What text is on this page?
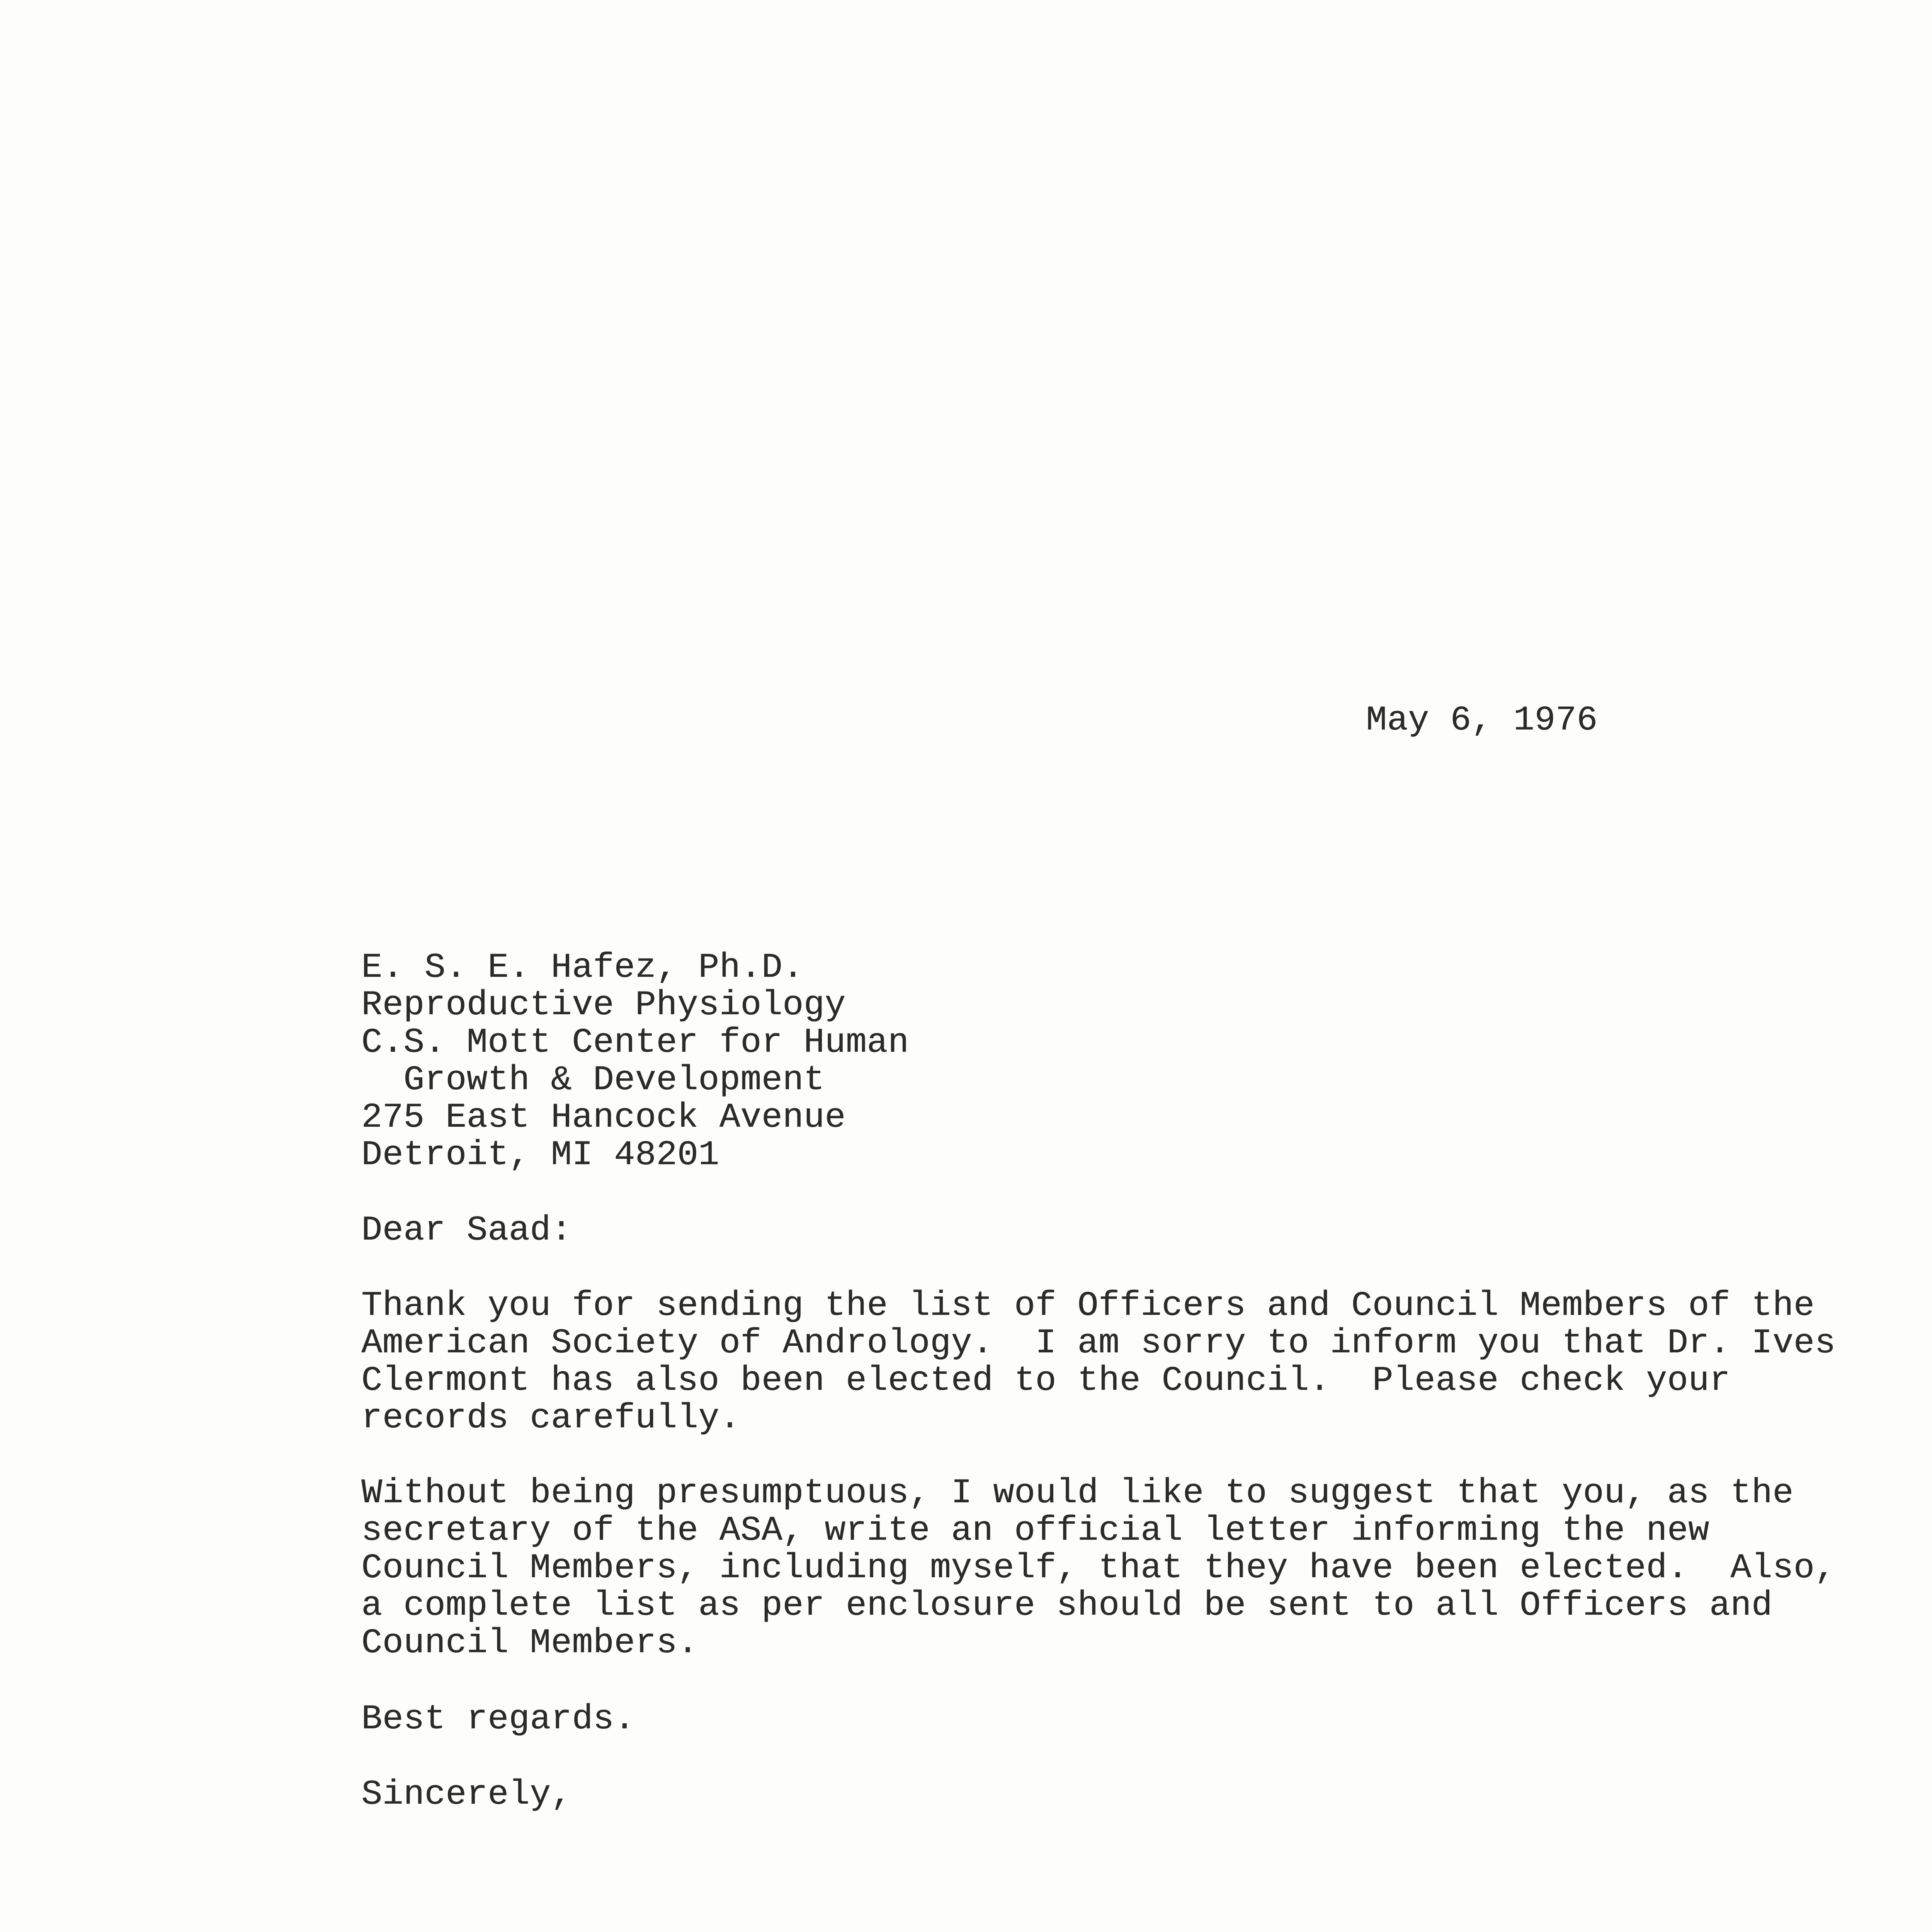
May 6, 1976
E. S. E. Hafez, Ph.D.
Reproductive Physiology
C.S. Mott Center for Human
Growth & Development
275 East Hancock Avenue
Detroit, MI 48201
Dear Saad:
Thank you for sending the list of Officers and Council Members of the
American Society of Andrology.  I am sorry to inform you that Dr. Ives
Clermont has also been elected to the Council.  Please check your
records carefully.
Without being presumptuous, I would like to suggest that you, as the
secretary of the ASA, write an official letter informing the new
Council Members, including myself, that they have been elected.  Also,
a complete list as per enclosure should be sent to all Officers and
Council Members.
Best regards.
Sincerely,
